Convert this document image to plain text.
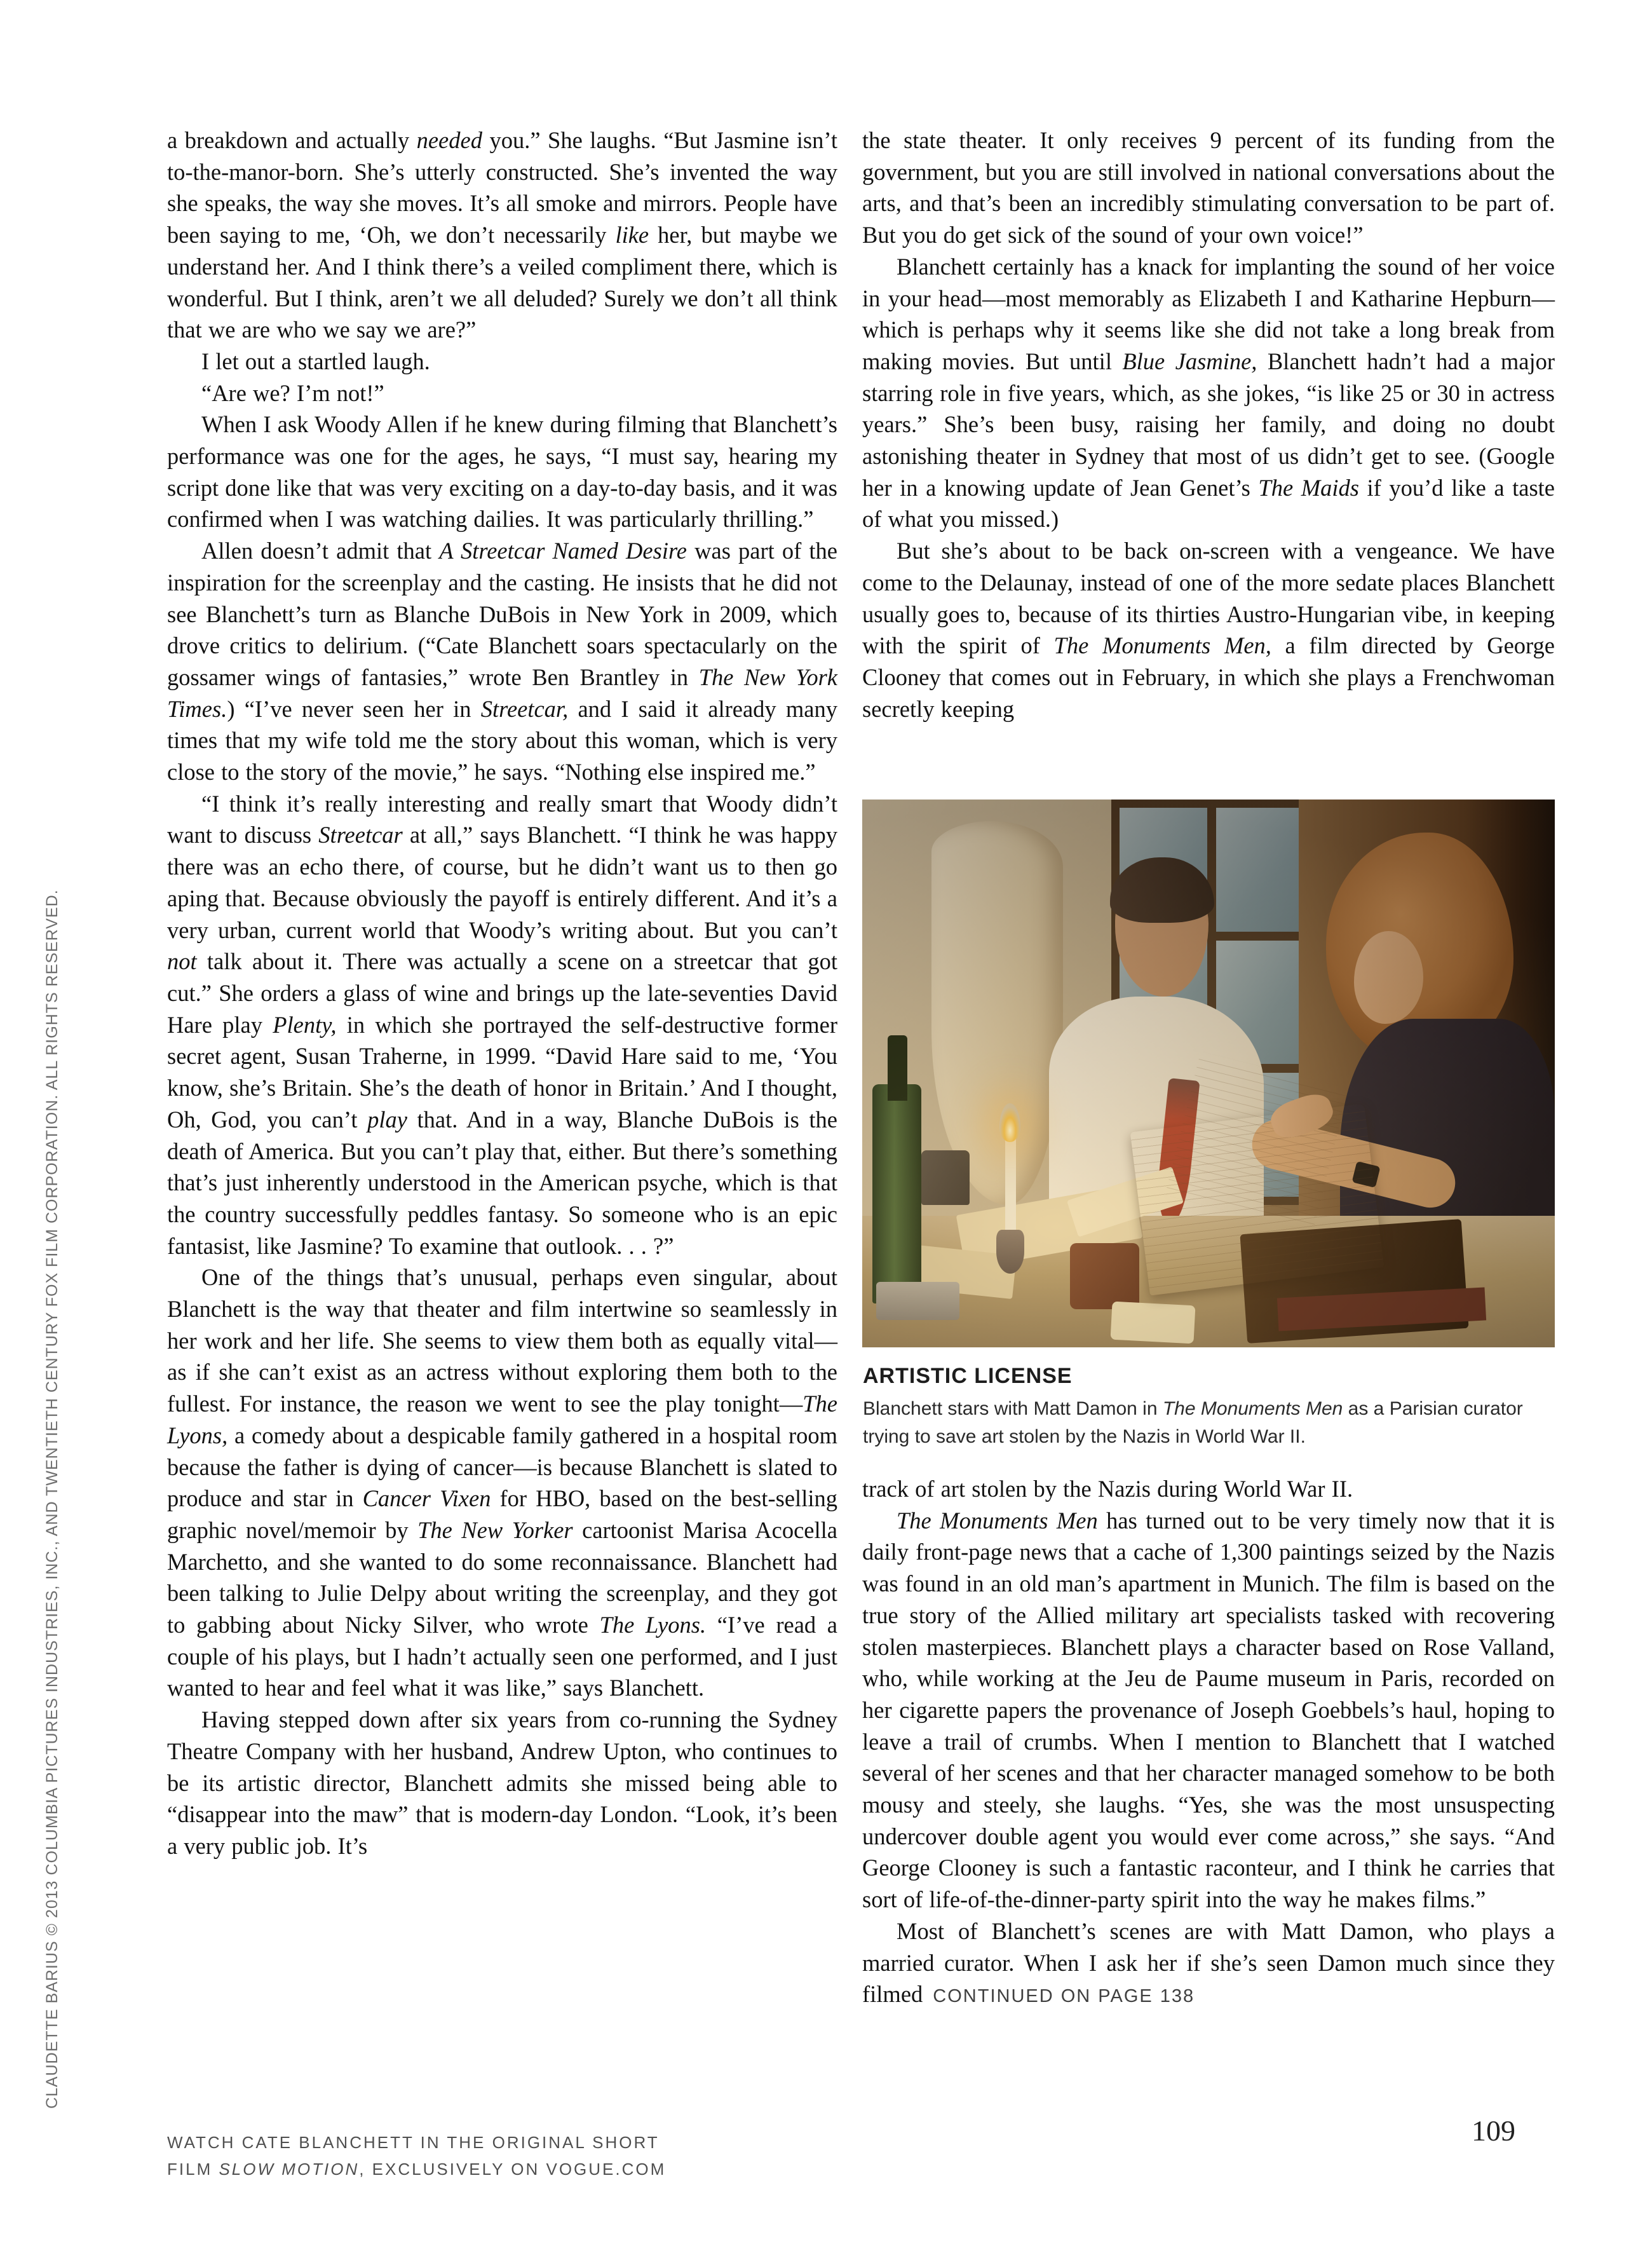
a breakdown and actually needed you.” She laughs. “But Jasmine isn’t to-the-manor-born. She’s utterly constructed. She’s invented the way she speaks, the way she moves. It’s all smoke and mirrors. People have been saying to me, ‘Oh, we don’t necessarily like her, but maybe we understand her. And I think there’s a veiled compliment there, which is wonderful. But I think, aren’t we all deluded? Surely we don’t all think that we are who we say we are?”

I let out a startled laugh.

“Are we? I’m not!”

When I ask Woody Allen if he knew during filming that Blanchett’s performance was one for the ages, he says, “I must say, hearing my script done like that was very exciting on a day-to-day basis, and it was confirmed when I was watching dailies. It was particularly thrilling.”

Allen doesn’t admit that A Streetcar Named Desire was part of the inspiration for the screenplay and the casting. He insists that he did not see Blanchett’s turn as Blanche DuBois in New York in 2009, which drove critics to delirium. (“Cate Blanchett soars spectacularly on the gossamer wings of fantasies,” wrote Ben Brantley in The New York Times.) “I’ve never seen her in Streetcar, and I said it already many times that my wife told me the story about this woman, which is very close to the story of the movie,” he says. “Nothing else inspired me.”

“I think it’s really interesting and really smart that Woody didn’t want to discuss Streetcar at all,” says Blanchett. “I think he was happy there was an echo there, of course, but he didn’t want us to then go aping that. Because obviously the payoff is entirely different. And it’s a very urban, current world that Woody’s writing about. But you can’t not talk about it. There was actually a scene on a streetcar that got cut.” She orders a glass of wine and brings up the late-seventies David Hare play Plenty, in which she portrayed the self-destructive former secret agent, Susan Traherne, in 1999. “David Hare said to me, ‘You know, she’s Britain. She’s the death of honor in Britain.’ And I thought, Oh, God, you can’t play that. And in a way, Blanche DuBois is the death of America. But you can’t play that, either. But there’s something that’s just inherently understood in the American psyche, which is that the country successfully peddles fantasy. So someone who is an epic fantasist, like Jasmine? To examine that outlook. . . ?”

One of the things that’s unusual, perhaps even singular, about Blanchett is the way that theater and film intertwine so seamlessly in her work and her life. She seems to view them both as equally vital—as if she can’t exist as an actress without exploring them both to the fullest. For instance, the reason we went to see the play tonight—The Lyons, a comedy about a despicable family gathered in a hospital room because the father is dying of cancer—is because Blanchett is slated to produce and star in Cancer Vixen for HBO, based on the best-selling graphic novel/memoir by The New Yorker cartoonist Marisa Acocella Marchetto, and she wanted to do some reconnaissance. Blanchett had been talking to Julie Delpy about writing the screenplay, and they got to gabbing about Nicky Silver, who wrote The Lyons. “I’ve read a couple of his plays, but I hadn’t actually seen one performed, and I just wanted to hear and feel what it was like,” says Blanchett.

Having stepped down after six years from co-running the Sydney Theatre Company with her husband, Andrew Upton, who continues to be its artistic director, Blanchett admits she missed being able to “disappear into the maw” that is modern-day London. “Look, it’s been a very public job. It’s

the state theater. It only receives 9 percent of its funding from the government, but you are still involved in national conversations about the arts, and that’s been an incredibly stimulating conversation to be part of. But you do get sick of the sound of your own voice!”

Blanchett certainly has a knack for implanting the sound of her voice in your head—most memorably as Elizabeth I and Katharine Hepburn—which is perhaps why it seems like she did not take a long break from making movies. But until Blue Jasmine, Blanchett hadn’t had a major starring role in five years, which, as she jokes, “is like 25 or 30 in actress years.” She’s been busy, raising her family, and doing no doubt astonishing theater in Sydney that most of us didn’t get to see. (Google her in a knowing update of Jean Genet’s The Maids if you’d like a taste of what you missed.)

But she’s about to be back on-screen with a vengeance. We have come to the Delaunay, instead of one of the more sedate places Blanchett usually goes to, because of its thirties Austro-Hungarian vibe, in keeping with the spirit of The Monuments Men, a film directed by George Clooney that comes out in February, in which she plays a Frenchwoman secretly keeping

ARTISTIC LICENSE

Blanchett stars with Matt Damon in The Monuments Men as a Parisian curator trying to save art stolen by the Nazis in World War II.

track of art stolen by the Nazis during World War II.

The Monuments Men has turned out to be very timely now that it is daily front-page news that a cache of 1,300 paintings seized by the Nazis was found in an old man’s apartment in Munich. The film is based on the true story of the Allied military art specialists tasked with recovering stolen masterpieces. Blanchett plays a character based on Rose Valland, who, while working at the Jeu de Paume museum in Paris, recorded on her cigarette papers the provenance of Joseph Goebbels’s haul, hoping to leave a trail of crumbs. When I mention to Blanchett that I watched several of her scenes and that her character managed somehow to be both mousy and steely, she laughs. “Yes, she was the most unsuspecting undercover double agent you would ever come across,” she says. “And George Clooney is such a fantastic raconteur, and I think he carries that sort of life-of-the-dinner-party spirit into the way he makes films.”

Most of Blanchett’s scenes are with Matt Damon, who plays a married curator. When I ask her if she’s seen Damon much since they filmed CONTINUED ON PAGE 138

WATCH CATE BLANCHETT IN THE ORIGINAL SHORT FILM SLOW MOTION, EXCLUSIVELY ON VOGUE.COM
109
CLAUDETTE BARIUS © 2013 COLUMBIA PICTURES INDUSTRIES, INC., AND TWENTIETH CENTURY FOX FILM CORPORATION. ALL RIGHTS RESERVED.
